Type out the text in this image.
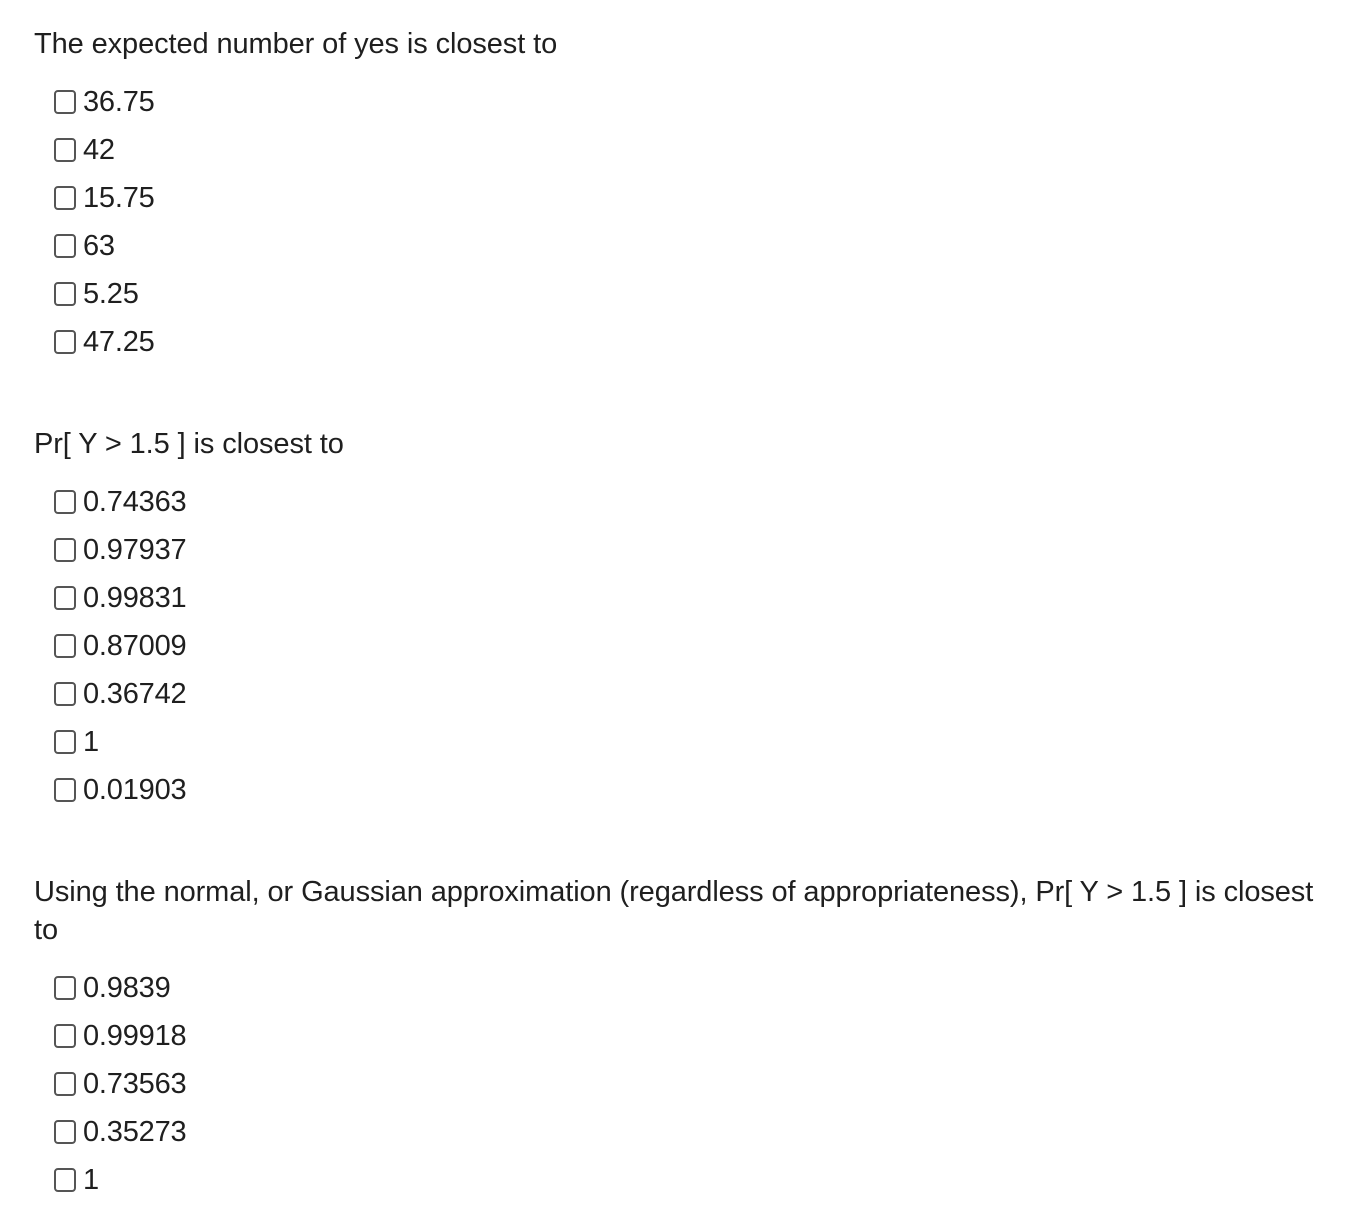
The expected number of yes is closest to

36.75
42
15.75
63
5.25
47.25

Pr[ Y > 1.5 ] is closest to

0.74363
0.97937
0.99831
0.87009
0.36742
1
0.01903

Using the normal, or Gaussian approximation (regardless of appropriateness), Pr[ Y > 1.5 ] is closest to

0.9839
0.99918
0.73563
0.35273
1
